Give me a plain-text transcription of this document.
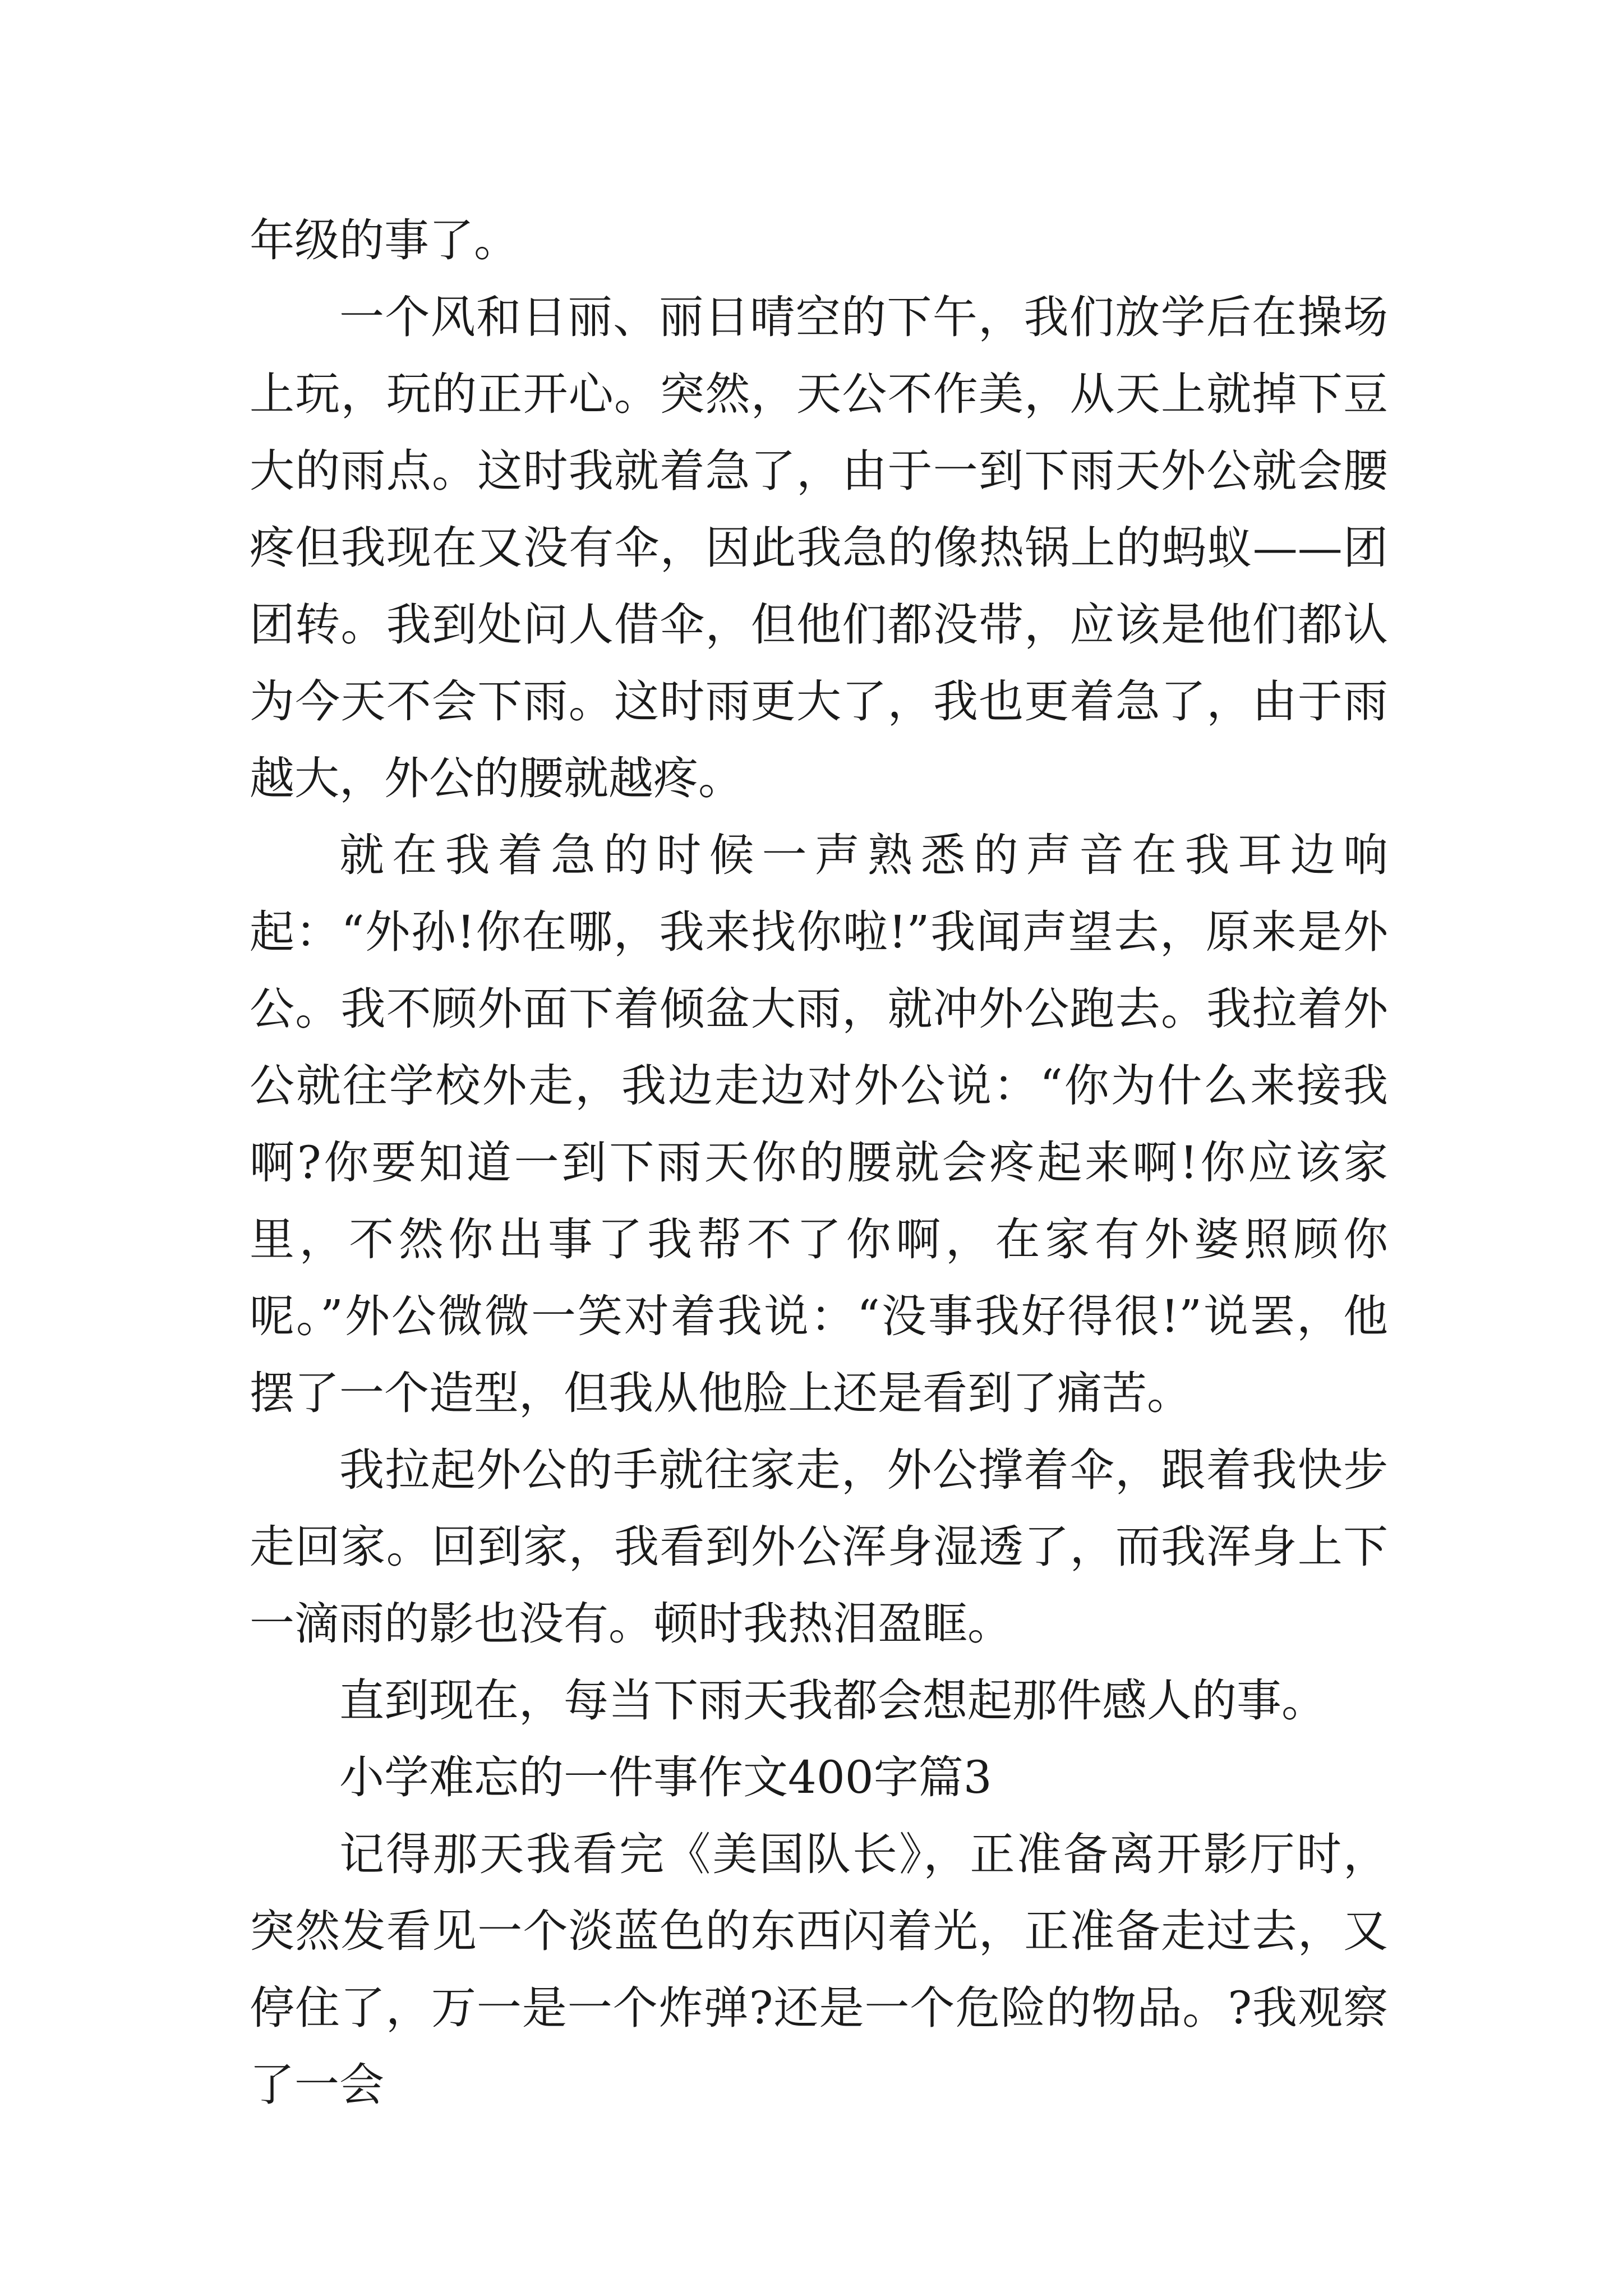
年级的事了。

一个风和日丽、丽日晴空的下午，我们放学后在操场上玩，玩的正开心。突然，天公不作美，从天上就掉下豆大的雨点。这时我就着急了，由于一到下雨天外公就会腰疼但我现在又没有伞，因此我急的像热锅上的蚂蚁——团团转。我到处问人借伞，但他们都没带，应该是他们都认为今天不会下雨。这时雨更大了，我也更着急了，由于雨越大，外公的腰就越疼。

就在我着急的时候一声熟悉的声音在我耳边响起：“外孙!你在哪，我来找你啦!”我闻声望去，原来是外公。我不顾外面下着倾盆大雨，就冲外公跑去。我拉着外公就往学校外走，我边走边对外公说：“你为什么来接我啊?你要知道一到下雨天你的腰就会疼起来啊!你应该家里，不然你出事了我帮不了你啊，在家有外婆照顾你呢。”外公微微一笑对着我说：“没事我好得很!”说罢，他摆了一个造型，但我从他脸上还是看到了痛苦。

我拉起外公的手就往家走，外公撑着伞，跟着我快步走回家。回到家，我看到外公浑身湿透了，而我浑身上下一滴雨的影也没有。顿时我热泪盈眶。

直到现在，每当下雨天我都会想起那件感人的事。

小学难忘的一件事作文400字篇3

记得那天我看完《美国队长》，正准备离开影厅时，突然发看见一个淡蓝色的东西闪着光，正准备走过去，又停住了，万一是一个炸弹?还是一个危险的物品。?我观察了一会
